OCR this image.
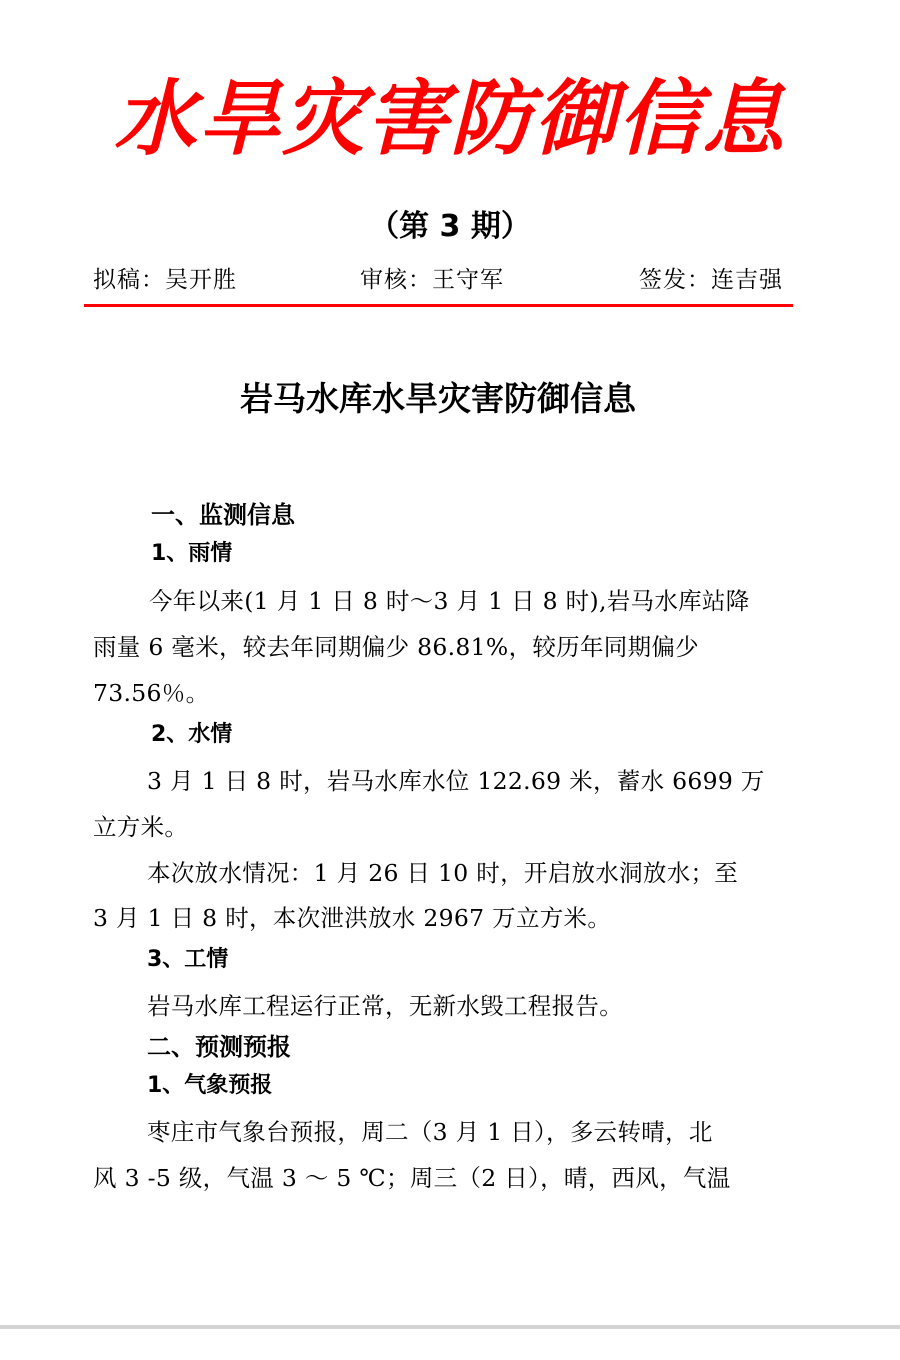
水旱灾害防御信息
（第 3 期）
拟稿：吴开胜	审核：王守军	签发：连吉强
岩马水库水旱灾害防御信息
一、监测信息
1、雨情
今年以来(1 月 1 日 8 时～3 月 1 日 8 时),岩马水库站降
雨量 6 毫米，较去年同期偏少 86.81%，较历年同期偏少
73.56％。
2、水情
3 月 1 日 8 时，岩马水库水位 122.69 米，蓄水 6699 万
立方米。
本次放水情况：1 月 26 日 10 时，开启放水洞放水；至
3 月 1 日 8 时，本次泄洪放水 2967 万立方米。
3、工情
岩马水库工程运行正常，无新水毁工程报告。
二、预测预报
1、气象预报
枣庄市气象台预报，周二（3 月 1 日），多云转晴，北
风 3 -5 级，气温 3 ～ 5 ℃；周三（2 日），晴，西风，气温
